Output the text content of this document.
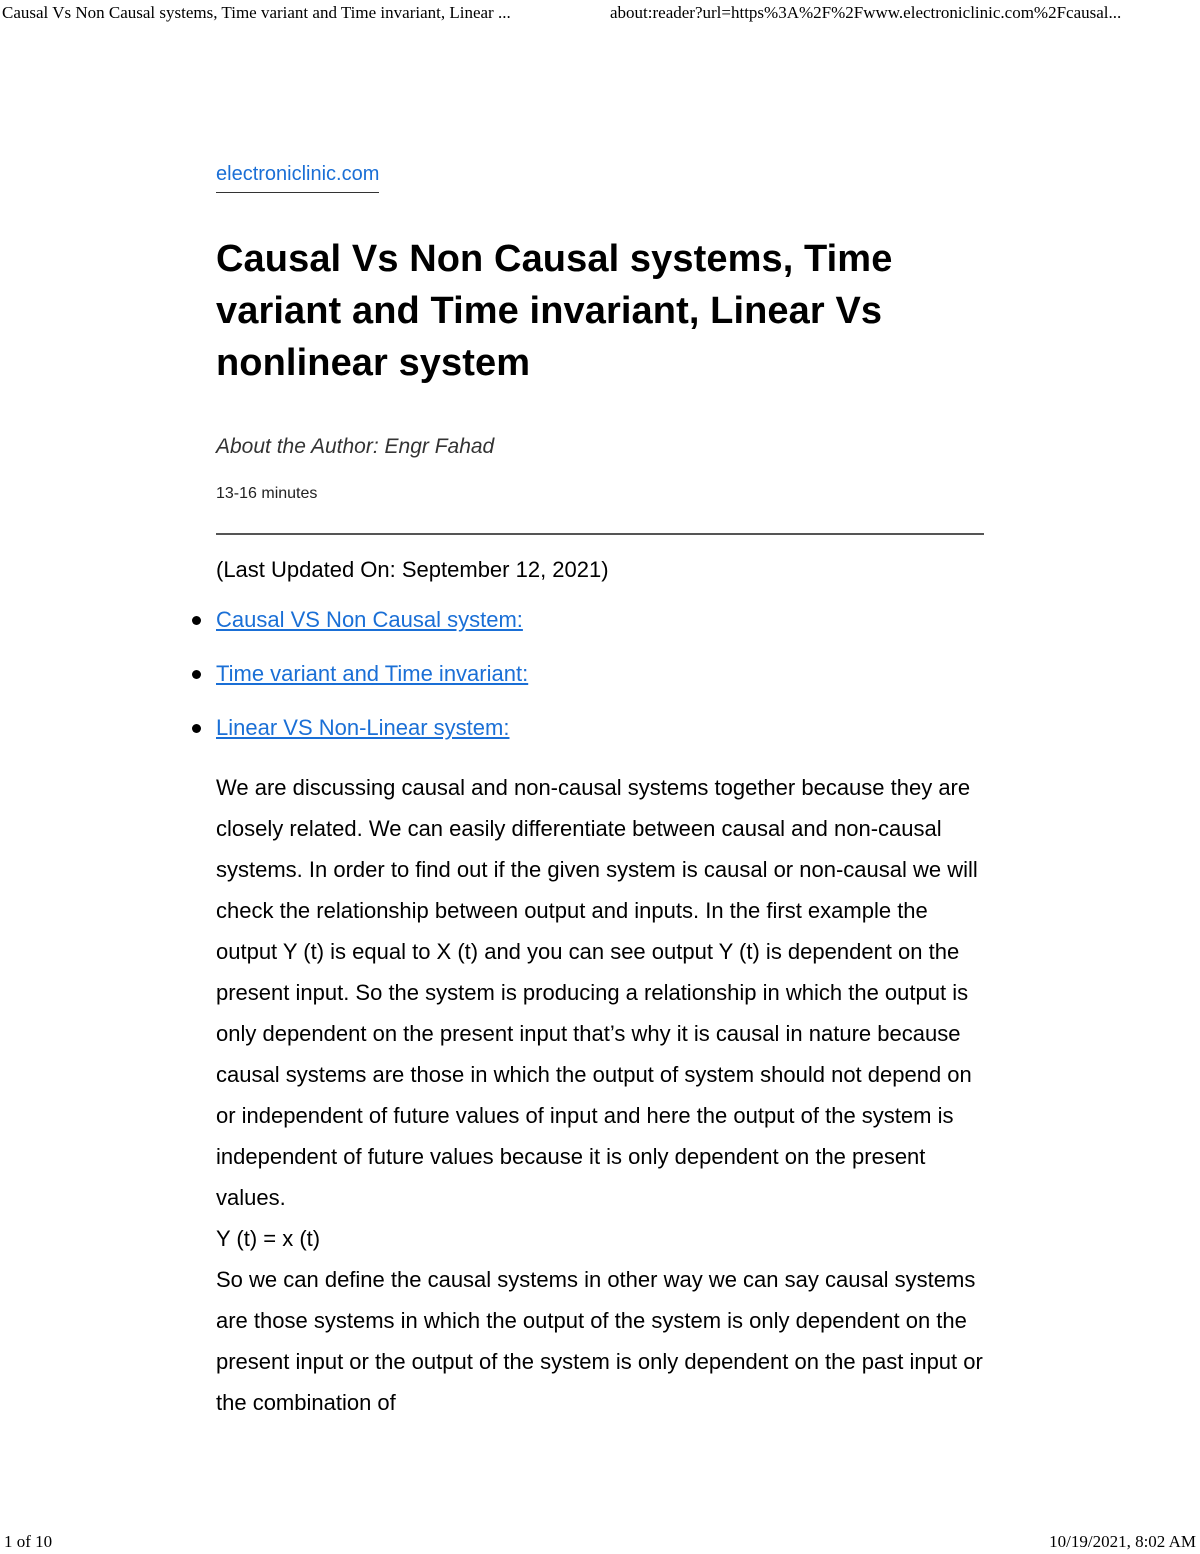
Causal Vs Non Causal systems, Time variant and Time invariant, Linear ...	about:reader?url=https%3A%2F%2Fwww.electroniclinic.com%2Fcausal...
electroniclinic.com
Causal Vs Non Causal systems, Time variant and Time invariant, Linear Vs nonlinear system
About the Author: Engr Fahad
13-16 minutes
(Last Updated On: September 12, 2021)
Causal VS Non Causal system:
Time variant and Time invariant:
Linear VS Non-Linear system:

We are discussing causal and non-causal systems together because they are closely related. We can easily differentiate between causal and non-causal systems. In order to find out if the given system is causal or non-causal we will check the relationship between output and inputs. In the first example the output Y (t) is equal to X (t) and you can see output Y (t) is dependent on the present input. So the system is producing a relationship in which the output is only dependent on the present input that’s why it is causal in nature because causal systems are those in which the output of system should not depend on or independent of future values of input and here the output of the system is independent of future values because it is only dependent on the present values.

Y (t) = x (t)

So we can define the causal systems in other way we can say causal systems are those systems in which the output of the system is only dependent on the present input or the output of the system is only dependent on the past input or the combination of

1 of 10	10/19/2021, 8:02 AM
